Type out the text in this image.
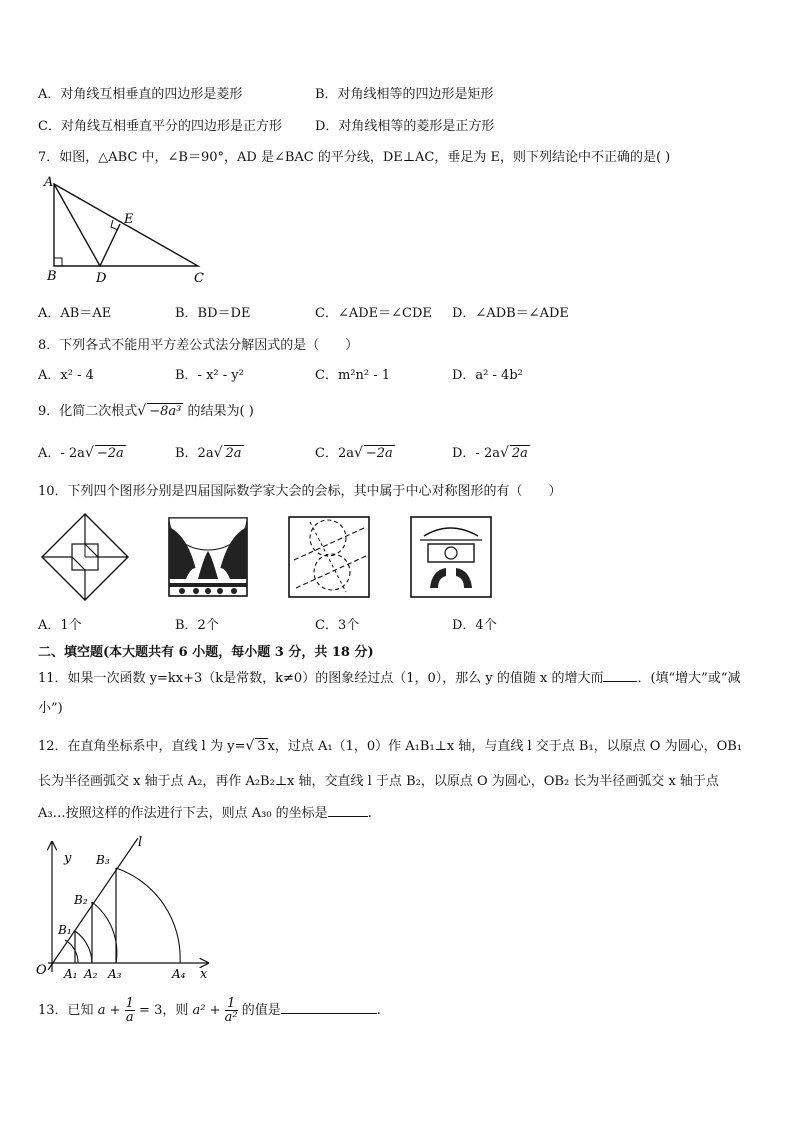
A．对角线互相垂直的四边形是菱形	B．对角线相等的四边形是矩形
C．对角线互相垂直平分的四边形是正方形	D．对角线相等的菱形是正方形
7．如图，△ABC 中，∠B＝90°，AD 是∠BAC 的平分线，DE⊥AC，垂足为 E，则下列结论中不正确的是( )
A
E
B	D	C
A．AB＝AE	B．BD＝DE	C．∠ADE＝∠CDE D．∠ADB＝∠ADE
8．下列各式不能用平方差公式法分解因式的是（　　）
A．x² - 4	B．- x² - y²	C．m²n² - 1	D．a² - 4b²
9．化简二次根式√ −8a³ 的结果为( )
A．- 2a√ −2a	B．2a√ 2a	C．2a√ −2a	D．- 2a√ 2a
10．下列四个图形分别是四届国际数学家大会的会标，其中属于中心对称图形的有（　　）
A．1个	B．2个	C．3个	D．4个
二、填空题(本大题共有 6 小题，每小题 3 分，共 18 分)
11．如果一次函数 y=kx+3（k是常数，k≠0）的图象经过点（1，0），那么 y 的值随 x 的增大而	．(填“增大”或“减
小”)
12．在直角坐标系中，直线 l 为 y=√ 3 x，过点 A₁（1，0）作 A₁B₁⊥x 轴，与直线 l 交于点 B₁，以原点 O 为圆心，OB₁
长为半径画弧交 x 轴于点 A₂，再作 A₂B₂⊥x 轴，交直线 l 于点 B₂，以原点 O 为圆心，OB₂ 长为半径画弧交 x 轴于点
A₃…按照这样的作法进行下去，则点 A₃₀ 的坐标是	.
y
l
x
O A₁ A₂ A₃	A₄
B₁
B₂
B₃
13．已知 $a + \frac{1}{a} = 3$，则 $a^2 + \frac{1}{\text{a²}}$ 的值是	.
